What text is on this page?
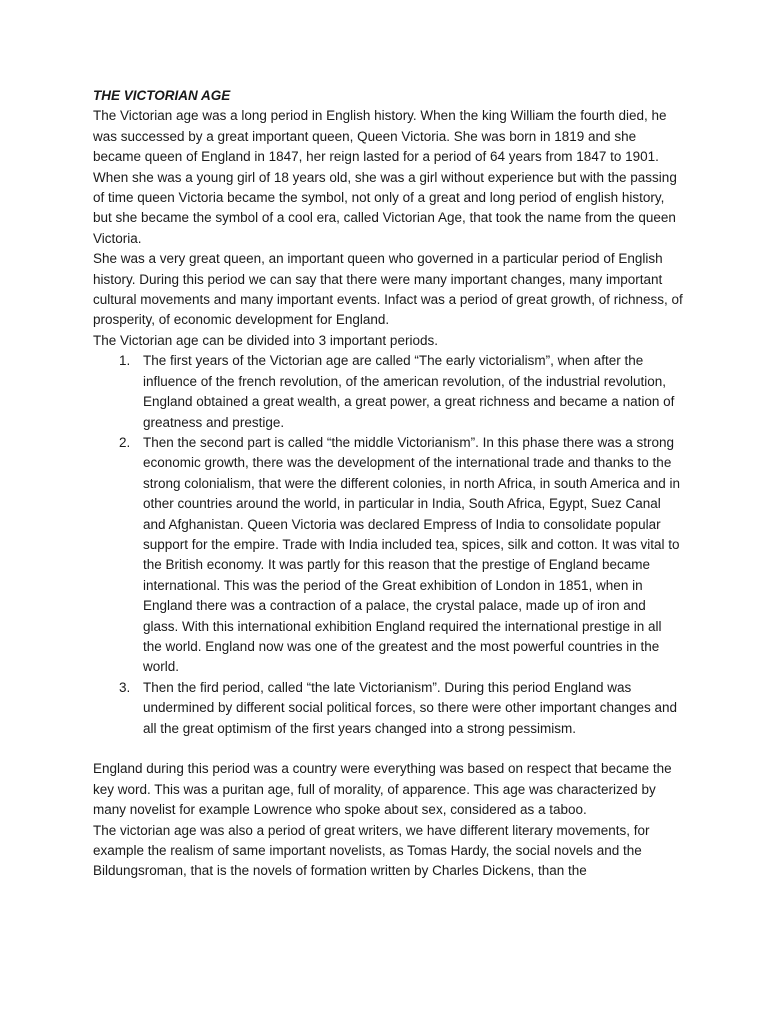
THE VICTORIAN AGE

The Victorian age was a long period in English history. When the king William the fourth died, he was successed by a great important queen, Queen Victoria. She was born in 1819 and she became queen of England in 1847, her reign lasted for a period of 64 years from 1847 to 1901. When she was a young girl of 18 years old, she was a girl without experience but with the passing of time queen Victoria became the symbol, not only of a great and long period of english history, but she became the symbol of a cool era, called Victorian Age, that took the name from the queen Victoria.

She was a very great queen, an important queen who governed in a particular period of English history. During this period we can say that there were many important changes, many important cultural movements and many important events. Infact was a period of great growth, of richness, of prosperity, of economic development for England.

The Victorian age can be divided into 3 important periods.

1. The first years of the Victorian age are called “The early victorialism”, when after the influence of the french revolution, of the american revolution, of the industrial revolution, England obtained a great wealth, a great power, a great richness and became a nation of greatness and prestige.
2. Then the second part is called “the middle Victorianism”. In this phase there was a strong economic growth, there was the development of the international trade and thanks to the strong colonialism, that were the different colonies, in north Africa, in south America and in other countries around the world, in particular in India, South Africa, Egypt, Suez Canal and Afghanistan. Queen Victoria was declared Empress of India to consolidate popular support for the empire. Trade with India included tea, spices, silk and cotton. It was vital to the British economy. It was partly for this reason that the prestige of England became international. This was the period of the Great exhibition of London in 1851, when in England there was a contraction of a palace, the crystal palace, made up of iron and glass. With this international exhibition England required the international prestige in all the world. England now was one of the greatest and the most powerful countries in the world.
3. Then the fird period, called “the late Victorianism”. During this period England was undermined by different social political forces, so there were other important changes and all the great optimism of the first years changed into a strong pessimism.

England during this period was a country were everything was based on respect that became the key word. This was a puritan age, full of morality, of apparence. This age was characterized by many novelist for example Lowrence who spoke about sex, considered as a taboo.

The victorian age was also a period of great writers, we have different literary movements, for example the realism of same important novelists, as Tomas Hardy, the social novels and the Bildungsroman, that is the novels of formation written by Charles Dickens, than the
